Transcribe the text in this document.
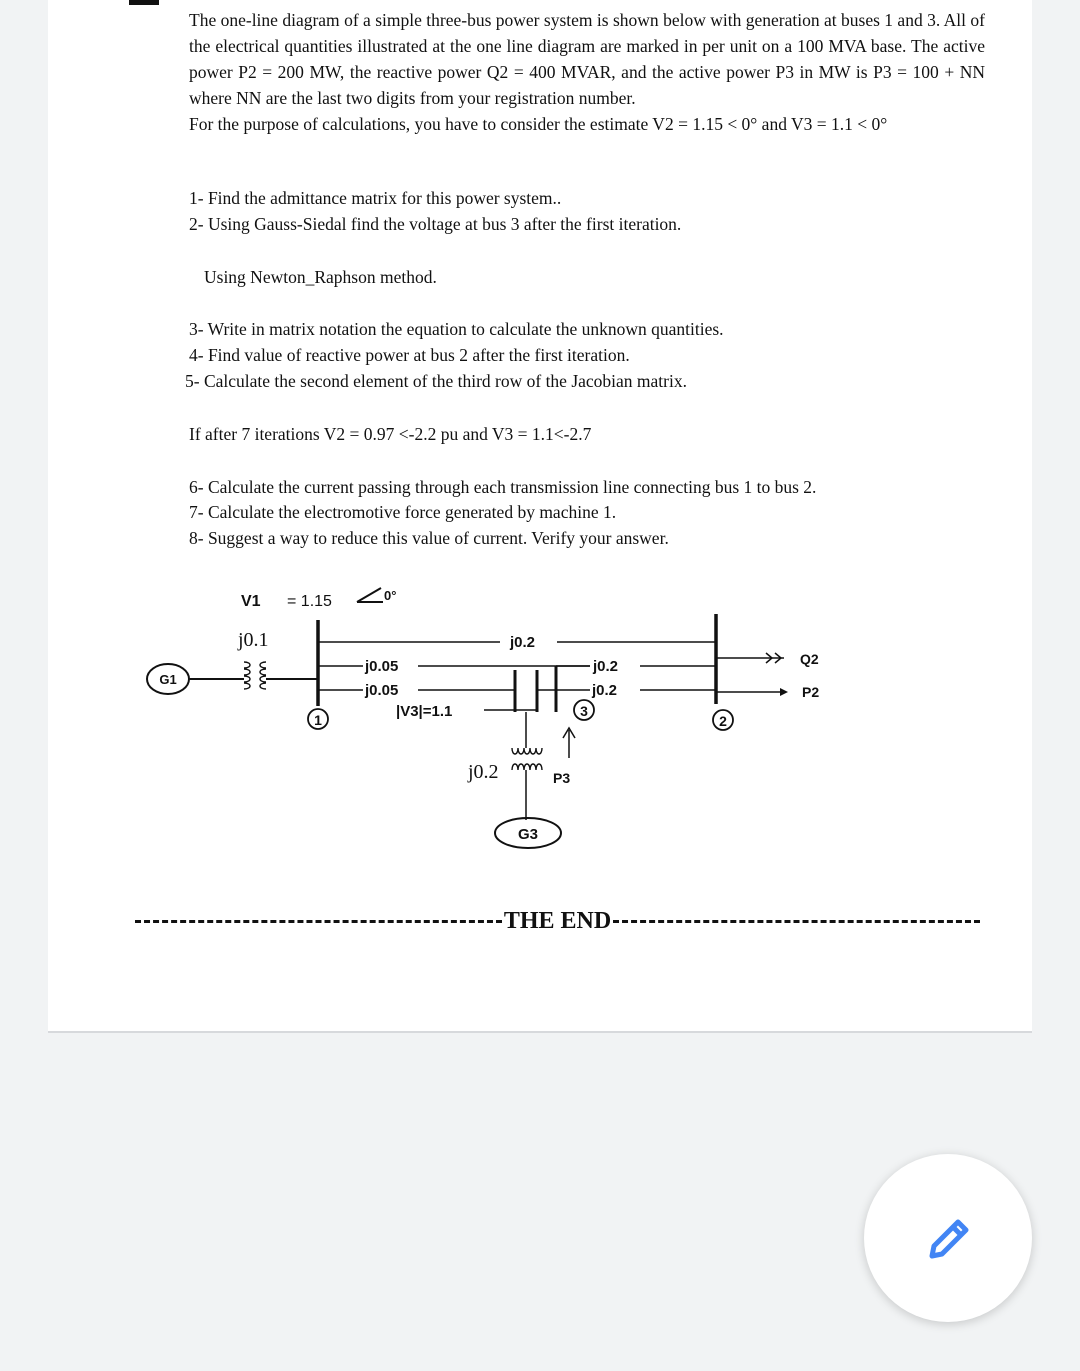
The one-line diagram of a simple three-bus power system is shown below with generation at buses 1 and 3. All of the electrical quantities illustrated at the one line diagram are marked in per unit on a 100 MVA base. The active power P2 = 200 MW, the reactive power Q2 = 400 MVAR, and the active power P3 in MW is P3 = 100 + NN where NN are the last two digits from your registration number.

For the purpose of calculations, you have to consider the estimate V2 = 1.15 < 0° and V3 = 1.1 < 0°

1- Find the admittance matrix for this power system..
2- Using Gauss-Siedal find the voltage at bus 3 after the first iteration.
Using Newton_Raphson method.
3- Write in matrix notation the equation to calculate the unknown quantities.
4- Find value of reactive power at bus 2 after the first iteration.
5- Calculate the second element of the third row of the Jacobian matrix.
If after 7 iterations V2 = 0.97 <-2.2 pu and V3 = 1.1<-2.7
6- Calculate the current passing through each transmission line connecting bus 1 to bus 2.
7- Calculate the electromotive force generated by machine 1.
8- Suggest a way to reduce this value of current. Verify your answer.
V1 = 1.15	0°
G1
j0.1
1
j0.2
j0.05
j0.05
|V3|=1.1	3
j0.2
j0.2
2
Q2
P2
j0.2	P3
G3
THE END
